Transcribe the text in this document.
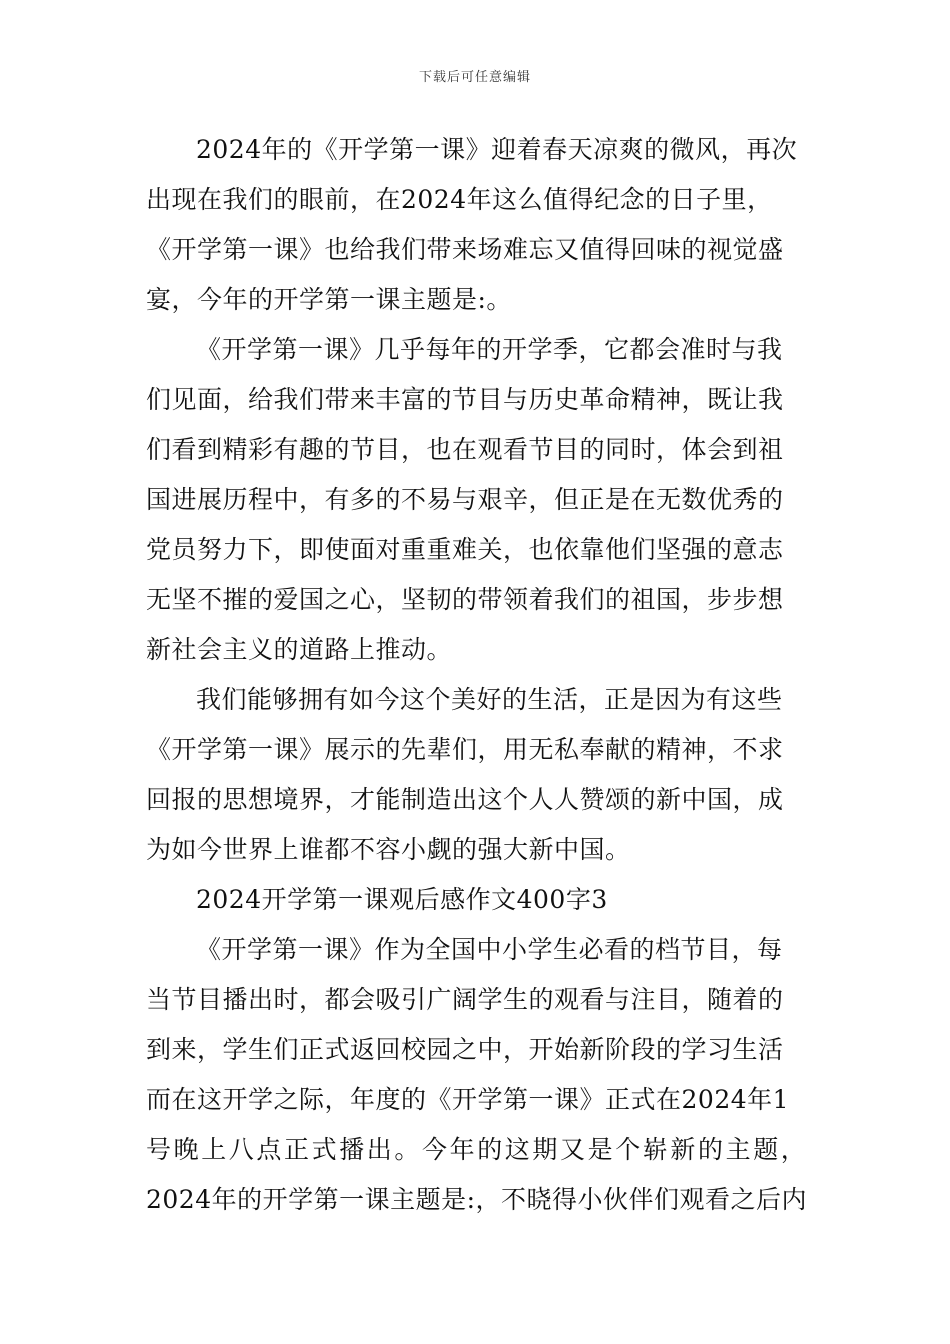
下载后可任意编辑
2024年的《开学第一课》迎着春天凉爽的微风，再次
出现在我们的眼前，在2024年这么值得纪念的日子里，
《开学第一课》也给我们带来场难忘又值得回味的视觉盛
宴，今年的开学第一课主题是:。
《开学第一课》几乎每年的开学季，它都会准时与我
们见面，给我们带来丰富的节目与历史革命精神，既让我
们看到精彩有趣的节目，也在观看节目的同时，体会到祖
国进展历程中，有多的不易与艰辛，但正是在无数优秀的
党员努力下，即使面对重重难关，也依靠他们坚强的意志
无坚不摧的爱国之心，坚韧的带领着我们的祖国，步步想
新社会主义的道路上推动。
我们能够拥有如今这个美好的生活，正是因为有这些
《开学第一课》展示的先辈们，用无私奉献的精神，不求
回报的思想境界，才能制造出这个人人赞颂的新中国，成
为如今世界上谁都不容小觑的强大新中国。
2024开学第一课观后感作文400字3
《开学第一课》作为全国中小学生必看的档节目，每
当节目播出时，都会吸引广阔学生的观看与注目，随着的
到来，学生们正式返回校园之中，开始新阶段的学习生活
而在这开学之际，年度的《开学第一课》正式在2024年1
号晚上八点正式播出。今年的这期又是个崭新的主题，
2024年的开学第一课主题是:，不晓得小伙伴们观看之后内
